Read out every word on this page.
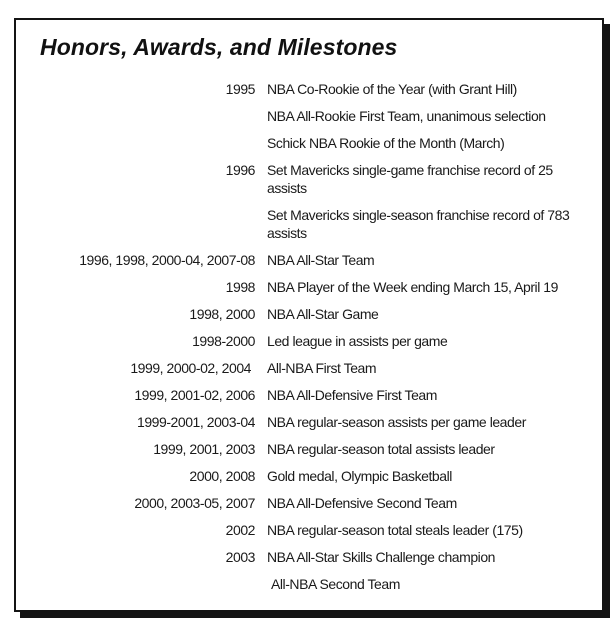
Honors, Awards, and Milestones
1995 NBA Co-Rookie of the Year (with Grant Hill)
NBA All-Rookie First Team, unanimous selection
Schick NBA Rookie of the Month (March)
1996 Set Mavericks single-game franchise record of 25 assists
Set Mavericks single-season franchise record of 783 assists
1996, 1998, 2000-04, 2007-08 NBA All-Star Team
1998 NBA Player of the Week ending March 15, April 19
1998, 2000 NBA All-Star Game
1998-2000 Led league in assists per game
1999, 2000-02, 2004 All-NBA First Team
1999, 2001-02, 2006 NBA All-Defensive First Team
1999-2001, 2003-04 NBA regular-season assists per game leader
1999, 2001, 2003 NBA regular-season total assists leader
2000, 2008 Gold medal, Olympic Basketball
2000, 2003-05, 2007 NBA All-Defensive Second Team
2002 NBA regular-season total steals leader (175)
2003 NBA All-Star Skills Challenge champion
All-NBA Second Team
